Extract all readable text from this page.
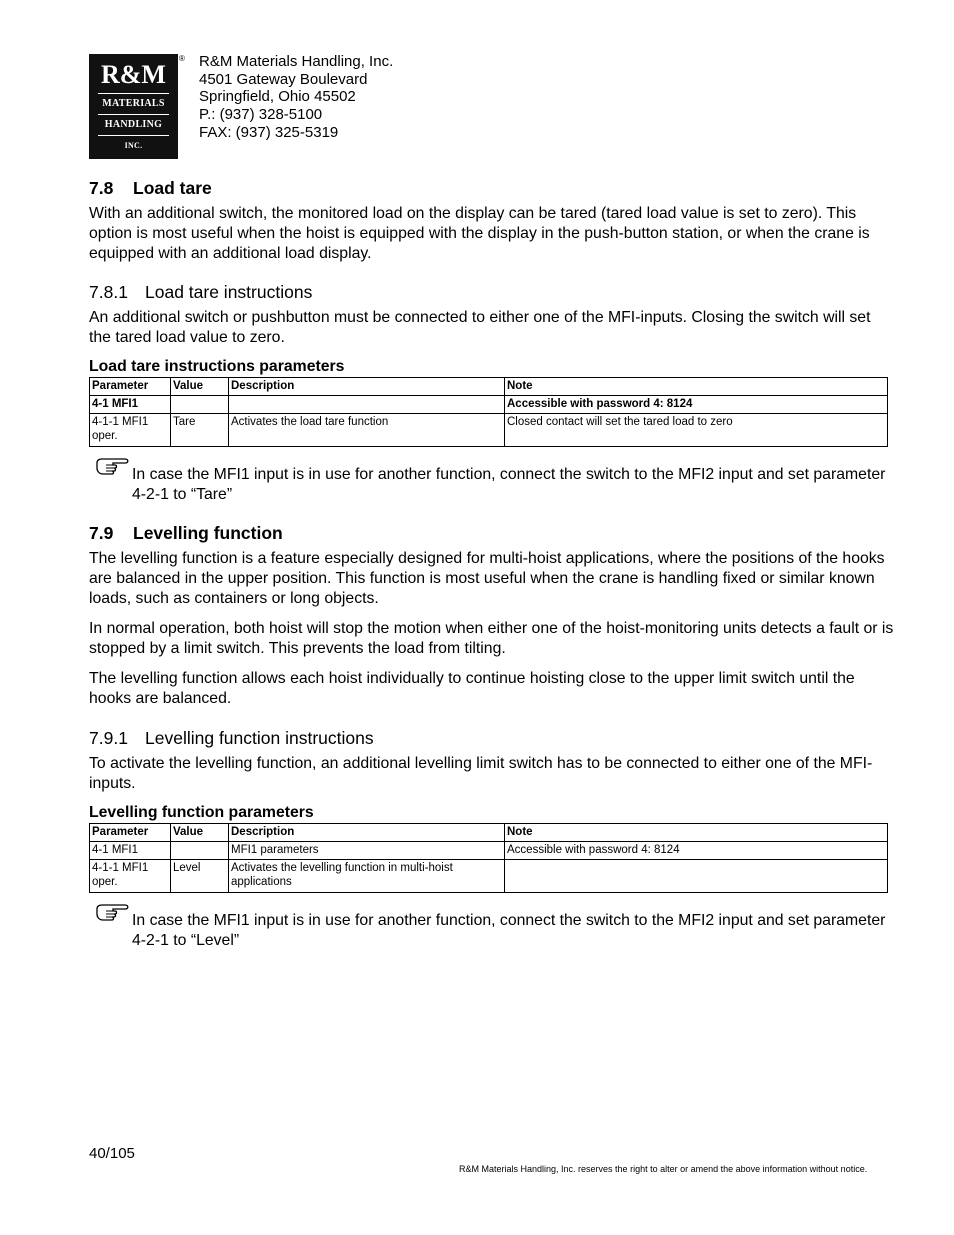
R&M
MATERIALS
HANDLING
INC.
® R&M Materials Handling, Inc.
4501 Gateway Boulevard
Springfield, Ohio 45502
P.: (937) 328-5100
FAX: (937) 325-5319
7.8 Load tare
With an additional switch, the monitored load on the display can be tared (tared load value is set to zero). This option is most useful when the hoist is equipped with the display in the push-button station, or when the crane is equipped with an additional load display.
7.8.1 Load tare instructions
An additional switch or pushbutton must be connected to either one of the MFI-inputs. Closing the switch will set the tared load value to zero.
Load tare instructions parameters
Parameter	Value	Description	Note
4-1 MFI1			Accessible with password 4: 8124
4-1-1 MFI1 oper.	Tare	Activates the load tare function	Closed contact will set the tared load to zero
In case the MFI1 input is in use for another function, connect the switch to the MFI2 input and set parameter 4-2-1 to “Tare”
7.9 Levelling function
The levelling function is a feature especially designed for multi-hoist applications, where the positions of the hooks are balanced in the upper position. This function is most useful when the crane is handling fixed or similar known loads, such as containers or long objects.
In normal operation, both hoist will stop the motion when either one of the hoist-monitoring units detects a fault or is stopped by a limit switch. This prevents the load from tilting.
The levelling function allows each hoist individually to continue hoisting close to the upper limit switch until the hooks are balanced.
7.9.1 Levelling function instructions
To activate the levelling function, an additional levelling limit switch has to be connected to either one of the MFI-inputs.
Levelling function parameters
Parameter	Value	Description	Note
4-1 MFI1		MFI1 parameters	Accessible with password 4: 8124
4-1-1 MFI1 oper.	Level	Activates the levelling function in multi-hoist applications	
In case the MFI1 input is in use for another function, connect the switch to the MFI2 input and set parameter 4-2-1 to “Level”
40/105
R&M Materials Handling, Inc. reserves the right to alter or amend the above information without notice.
